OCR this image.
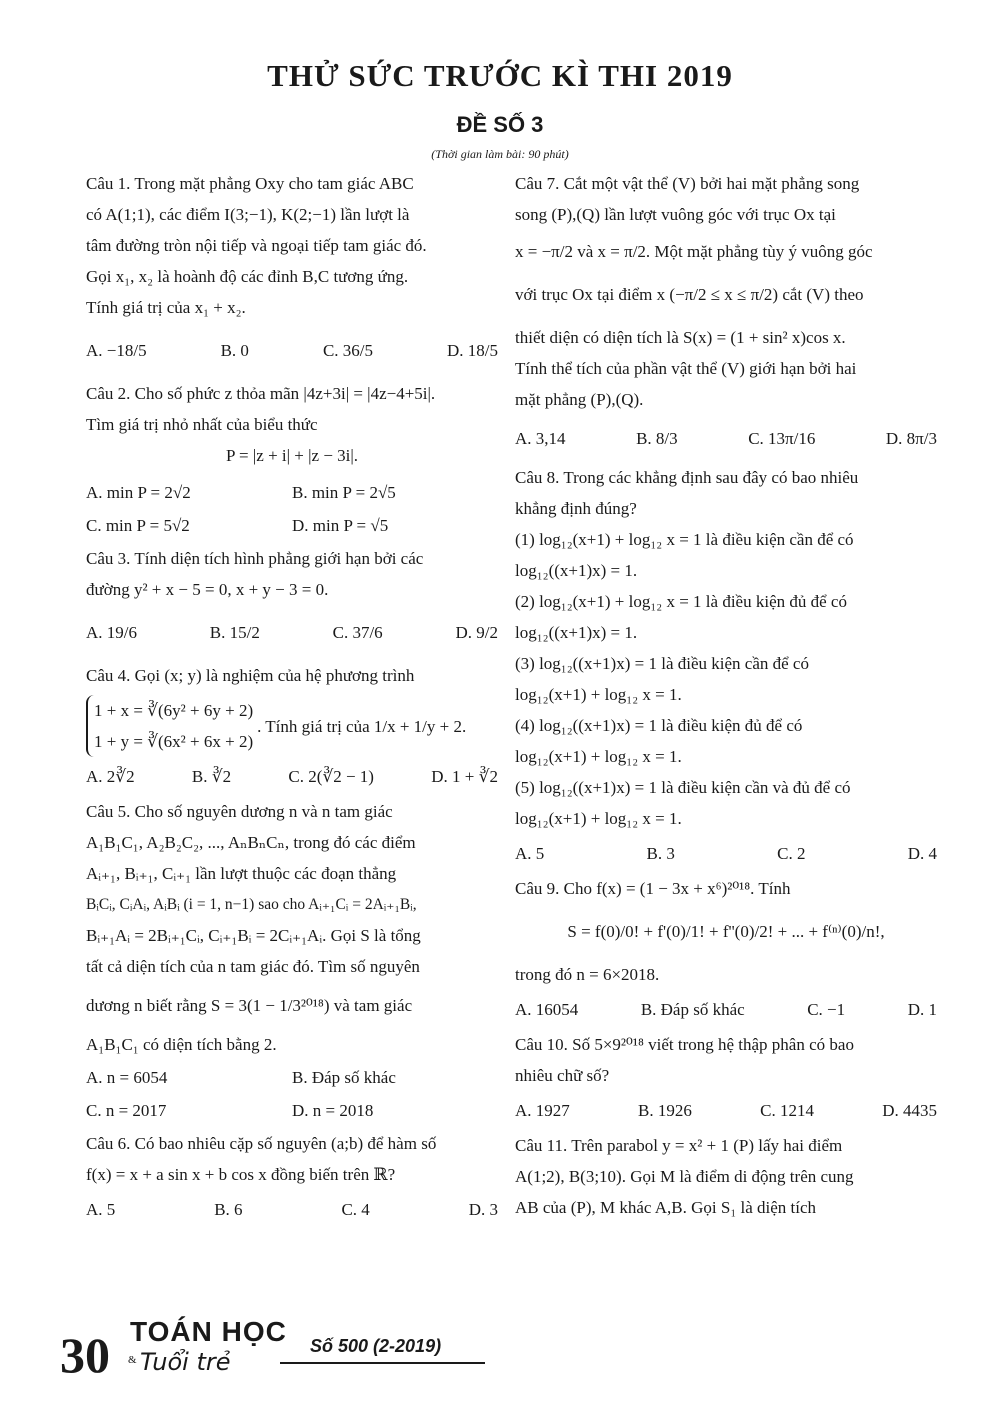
THỬ SỨC TRƯỚC KÌ THI 2019
ĐỀ SỐ 3
(Thời gian làm bài: 90 phút)

Câu 1. Trong mặt phẳng Oxy cho tam giác ABC

có A(1;1), các điểm I(3;−1), K(2;−1) lần lượt là

tâm đường tròn nội tiếp và ngoại tiếp tam giác đó.

Gọi x₁, x₂ là hoành độ các đỉnh B,C tương ứng.

Tính giá trị của x₁ + x₂.

A. −18/5	B. 0	C. 36/5	D. 18/5

Câu 2. Cho số phức z thỏa mãn |4z+3i| = |4z−4+5i|.

Tìm giá trị nhỏ nhất của biểu thức

P = |z + i| + |z − 3i|.

A. min P = 2√2	B. min P = 2√5
C. min P = 5√2	D. min P = √5

Câu 3. Tính diện tích hình phẳng giới hạn bởi các

đường y² + x − 5 = 0, x + y − 3 = 0.

A. 19/6	B. 15/2	C. 37/6	D. 9/2

Câu 4. Gọi (x; y) là nghiệm của hệ phương trình

1 + x = ∛(6y² + 6y + 2)
1 + y = ∛(6x² + 6x + 2)
. Tính giá trị của 1/x + 1/y + 2.
A. 2∛2	B. ∛2	C. 2(∛2 − 1)	D. 1 + ∛2

Câu 5. Cho số nguyên dương n và n tam giác

A₁B₁C₁, A₂B₂C₂, ..., AₙBₙCₙ, trong đó các điểm

Aᵢ₊₁, Bᵢ₊₁, Cᵢ₊₁ lần lượt thuộc các đoạn thẳng

BᵢCᵢ, CᵢAᵢ, AᵢBᵢ (i = 1, n−1) sao cho Aᵢ₊₁Cᵢ = 2Aᵢ₊₁Bᵢ,

Bᵢ₊₁Aᵢ = 2Bᵢ₊₁Cᵢ, Cᵢ₊₁Bᵢ = 2Cᵢ₊₁Aᵢ. Gọi S là tổng

tất cả diện tích của n tam giác đó. Tìm số nguyên

dương n biết rằng S = 3(1 − 1/3²⁰¹⁸) và tam giác

A₁B₁C₁ có diện tích bằng 2.

A. n = 6054	B. Đáp số khác
C. n = 2017	D. n = 2018

Câu 6. Có bao nhiêu cặp số nguyên (a;b) để hàm số

f(x) = x + a sin x + b cos x đồng biến trên ℝ?

A. 5	B. 6	C. 4	D. 3

Câu 7. Cắt một vật thể (V) bởi hai mặt phẳng song

song (P),(Q) lần lượt vuông góc với trục Ox tại

x = −π/2 và x = π/2. Một mặt phẳng tùy ý vuông góc

với trục Ox tại điểm x (−π/2 ≤ x ≤ π/2) cắt (V) theo

thiết diện có diện tích là S(x) = (1 + sin² x)cos x.

Tính thể tích của phần vật thể (V) giới hạn bởi hai

mặt phẳng (P),(Q).

A. 3,14	B. 8/3	C. 13π/16	D. 8π/3

Câu 8. Trong các khẳng định sau đây có bao nhiêu

khẳng định đúng?

(1) log₁₂(x+1) + log₁₂ x = 1 là điều kiện cần để có

log₁₂((x+1)x) = 1.

(2) log₁₂(x+1) + log₁₂ x = 1 là điều kiện đủ để có

log₁₂((x+1)x) = 1.

(3) log₁₂((x+1)x) = 1 là điều kiện cần để có

log₁₂(x+1) + log₁₂ x = 1.

(4) log₁₂((x+1)x) = 1 là điều kiện đủ để có

log₁₂(x+1) + log₁₂ x = 1.

(5) log₁₂((x+1)x) = 1 là điều kiện cần và đủ để có

log₁₂(x+1) + log₁₂ x = 1.

A. 5	B. 3	C. 2	D. 4

Câu 9. Cho f(x) = (1 − 3x + x⁶)²⁰¹⁸. Tính

S = f(0)/0! + f'(0)/1! + f''(0)/2! + ... + f⁽ⁿ⁾(0)/n!,

trong đó n = 6×2018.

A. 16054	B. Đáp số khác	C. −1	D. 1

Câu 10. Số 5×9²⁰¹⁸ viết trong hệ thập phân có bao

nhiêu chữ số?

A. 1927	B. 1926	C. 1214	D. 4435

Câu 11. Trên parabol y = x² + 1 (P) lấy hai điểm

A(1;2), B(3;10). Gọi M là điểm di động trên cung

AB của (P), M khác A,B. Gọi S₁ là diện tích

30 TOÁN HỌC
& Tuổi trẻ
Số 500 (2-2019)
